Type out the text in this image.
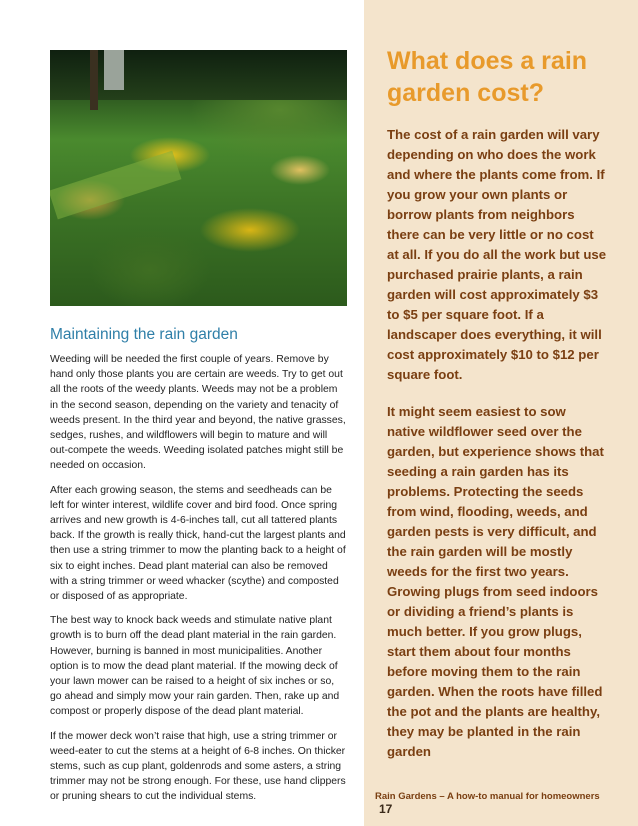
Maintaining the rain garden

Weeding will be needed the first couple of years. Remove by hand only those plants you are certain are weeds. Try to get out all the roots of the weedy plants. Weeds may not be a problem in the second season, depending on the variety and tenacity of weeds present. In the third year and beyond, the native grasses, sedges, rushes, and wildflowers will begin to mature and will out-compete the weeds. Weeding isolated patches might still be needed on occasion.

After each growing season, the stems and seedheads can be left for winter interest, wildlife cover and bird food. Once spring arrives and new growth is 4-6-inches tall, cut all tattered plants back. If the growth is really thick, hand-cut the largest plants and then use a string trimmer to mow the planting back to a height of six to eight inches. Dead plant material can also be removed with a string trimmer or weed whacker (scythe) and composted or disposed of as appropriate.

The best way to knock back weeds and stimulate native plant growth is to burn off the dead plant material in the rain garden. However, burning is banned in most municipalities. Another option is to mow the dead plant material. If the mowing deck of your lawn mower can be raised to a height of six inches or so, go ahead and simply mow your rain garden. Then, rake up and compost or properly dispose of the dead plant material.

If the mower deck won’t raise that high, use a string trimmer or weed-eater to cut the stems at a height of 6-8 inches. On thicker stems, such as cup plant, goldenrods and some asters, a string trimmer may not be strong enough. For these, use hand clippers or pruning shears to cut the individual stems.

What does a rain garden cost?

The cost of a rain garden will vary depending on who does the work and where the plants come from. If you grow your own plants or borrow plants from neighbors there can be very little or no cost at all. If you do all the work but use purchased prairie plants, a rain garden will cost approximately $3 to $5 per square foot. If a landscaper does everything, it will cost approximately $10 to $12 per square foot.

It might seem easiest to sow native wildflower seed over the garden, but experience shows that seeding a rain garden has its problems. Protecting the seeds from wind, flooding, weeds, and garden pests is very difficult, and the rain garden will be mostly weeds for the first two years. Growing plugs from seed indoors or dividing a friend’s plants is much better. If you grow plugs, start them about four months before moving them to the rain garden. When the roots have filled the pot and the plants are healthy, they may be planted in the rain garden

Rain Gardens – A how-to manual for homeowners 17
